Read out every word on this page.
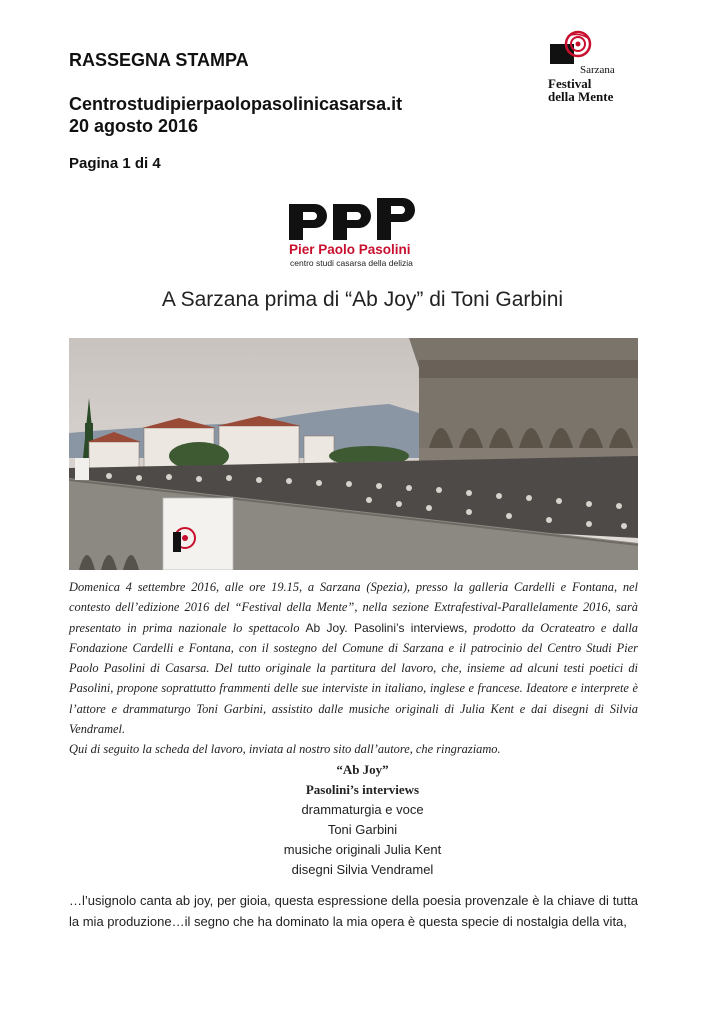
RASSEGNA STAMPA
Centrostudipierpaolopasolinicasarsa.it
20 agosto 2016
Pagina 1 di 4
Sarzana
Festival
della Mente
Pier Paolo Pasolini
centro studi casarsa della delizia
A Sarzana prima di “Ab Joy” di Toni Garbini
Domenica 4 settembre 2016, alle ore 19.15, a Sarzana (Spezia), presso la galleria Cardelli e Fontana, nel contesto dell’edizione 2016 del “Festival della Mente”, nella sezione Extrafestival-Parallelamente 2016, sarà presentato in prima nazionale lo spettacolo Ab Joy. Pasolini’s interviews, prodotto da Ocrateatro e dalla Fondazione Cardelli e Fontana, con il sostegno del Comune di Sarzana e il patrocinio del Centro Studi Pier Paolo Pasolini di Casarsa. Del tutto originale la partitura del lavoro, che, insieme ad alcuni testi poetici di Pasolini, propone soprattutto frammenti delle sue interviste in italiano, inglese e francese. Ideatore e interprete è l’attore e drammaturgo Toni Garbini, assistito dalle musiche originali di Julia Kent e dai disegni di Silvia Vendramel.
Qui di seguito la scheda del lavoro, inviata al nostro sito dall’autore, che ringraziamo.
“Ab Joy”
Pasolini’s interviews
drammaturgia e voce
Toni Garbini
musiche originali Julia Kent
disegni Silvia Vendramel
…l’usignolo canta ab joy, per gioia, questa espressione della poesia provenzale è la chiave di tutta la mia produzione…il segno che ha dominato la mia opera è questa specie di nostalgia della vita,
